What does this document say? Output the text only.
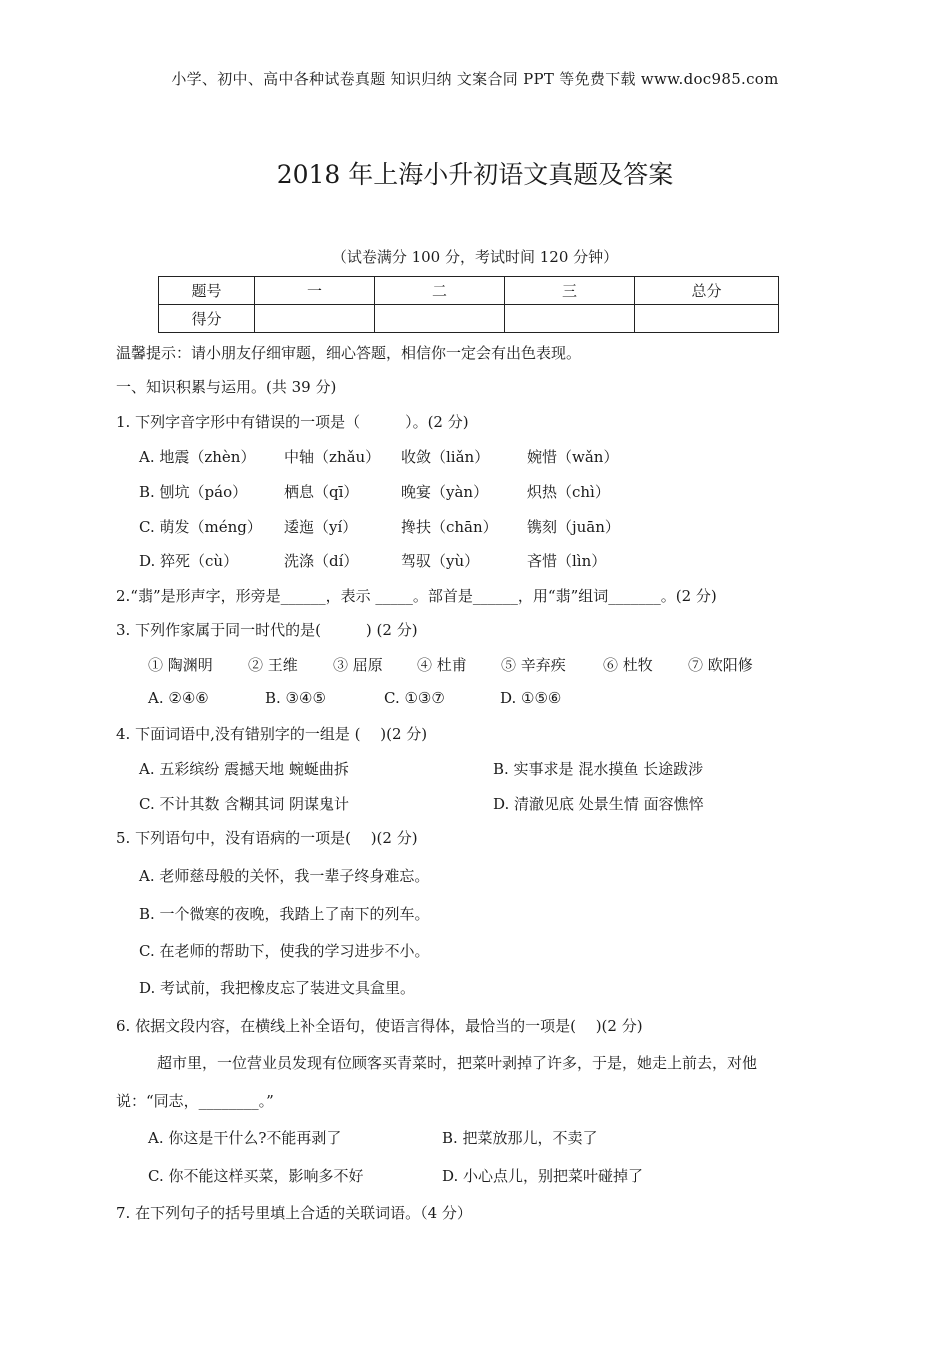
小学、初中、高中各种试卷真题 知识归纳 文案合同 PPT 等免费下载 www.doc985.com
2018 年上海小升初语文真题及答案
（试卷满分 100 分，考试时间 120 分钟）
题号	一	二	三	总分
得分				
温馨提示：请小朋友仔细审题，细心答题，相信你一定会有出色表现。
一、知识积累与运用。(共 39 分)
1. 下列字音字形中有错误的一项是（　　　）。(2 分)
A. 地震（zhèn） 中轴（zhǎu） 收敛（liǎn）	婉惜（wǎn）
B. 刨坑（páo） 栖息（qī）	晚宴（yàn）	炽热（chì）
C. 萌发（méng） 逶迤（yí）	搀扶（chān） 镌刻（juān）
D. 猝死（cù）	洗涤（dí）	驾驭（yù）	吝惜（lìn）
2.“翡”是形声字，形旁是______，表示 _____。部首是______，用“翡”组词_______。(2 分)
3. 下列作家属于同一时代的是(　　　) (2 分)
① 陶渊明 ② 王维 ③ 屈原 ④ 杜甫 ⑤ 辛弃疾 ⑥ 杜牧 ⑦ 欧阳修
A. ②④⑥	B. ③④⑤	C. ①③⑦	D. ①⑤⑥
4. 下面词语中,没有错别字的一组是 (　 )(2 分)
A. 五彩缤纷 震撼天地 蜿蜒曲拆	B. 实事求是 混水摸鱼 长途跋涉
C. 不计其数 含糊其词 阴谋鬼计	D. 清澈见底 处景生情 面容憔悴
5. 下列语句中，没有语病的一项是(　 )(2 分)
A. 老师慈母般的关怀，我一辈子终身难忘。
B. 一个微寒的夜晚，我踏上了南下的列车。
C. 在老师的帮助下，使我的学习进步不小。
D. 考试前，我把橡皮忘了装进文具盒里。
6. 依据文段内容，在横线上补全语句，使语言得体，最恰当的一项是(　 )(2 分)
超市里，一位营业员发现有位顾客买青菜时，把菜叶剥掉了许多，于是，她走上前去，对他
说：“同志，________。”
A. 你这是干什么?不能再剥了	B. 把菜放那儿，不卖了
C. 你不能这样买菜，影响多不好	D. 小心点儿，别把菜叶碰掉了
7. 在下列句子的括号里填上合适的关联词语。（4 分）
